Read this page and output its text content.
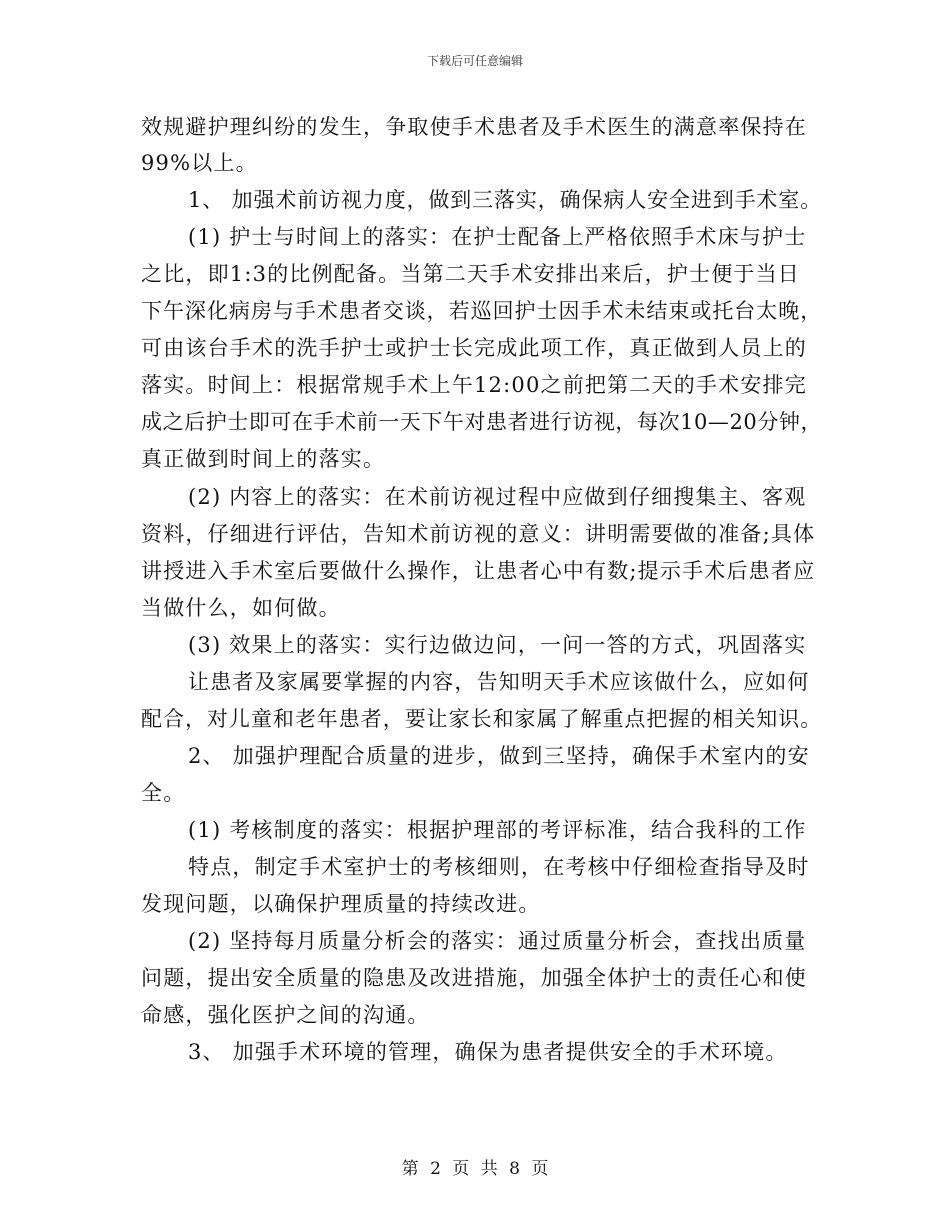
下载后可任意编辑
效规避护理纠纷的发生，争取使手术患者及手术医生的满意率保持在
99%以上。
1、 加强术前访视力度，做到三落实，确保病人安全进到手术室。
(1) 护士与时间上的落实：在护士配备上严格依照手术床与护士
之比，即1:3的比例配备。当第二天手术安排出来后，护士便于当日
下午深化病房与手术患者交谈，若巡回护士因手术未结束或托台太晚，
可由该台手术的洗手护士或护士长完成此项工作，真正做到人员上的
落实。时间上：根据常规手术上午12:00之前把第二天的手术安排完
成之后护士即可在手术前一天下午对患者进行访视，每次10—20分钟，
真正做到时间上的落实。
(2) 内容上的落实：在术前访视过程中应做到仔细搜集主、客观
资料，仔细进行评估，告知术前访视的意义：讲明需要做的准备;具体
讲授进入手术室后要做什么操作，让患者心中有数;提示手术后患者应
当做什么，如何做。
(3) 效果上的落实：实行边做边问，一问一答的方式，巩固落实
让患者及家属要掌握的内容，告知明天手术应该做什么，应如何
配合，对儿童和老年患者，要让家长和家属了解重点把握的相关知识。
2、 加强护理配合质量的进步，做到三坚持，确保手术室内的安
全。
(1) 考核制度的落实：根据护理部的考评标准，结合我科的工作
特点，制定手术室护士的考核细则，在考核中仔细检查指导及时
发现问题，以确保护理质量的持续改进。
(2) 坚持每月质量分析会的落实：通过质量分析会，查找出质量
问题，提出安全质量的隐患及改进措施，加强全体护士的责任心和使
命感，强化医护之间的沟通。
3、 加强手术环境的管理，确保为患者提供安全的手术环境。
第 2 页 共 8 页
